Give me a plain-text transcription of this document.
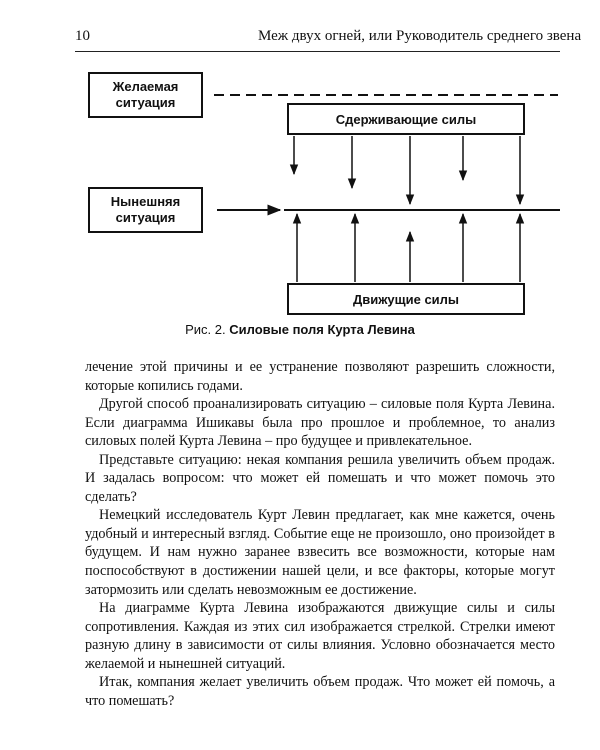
10	Меж двух огней, или Руководитель среднего звена
Желаемая
ситуация
Сдерживающие силы
Нынешняя
ситуация
Движущие силы
Рис. 2. Силовые поля Курта Левина

лечение этой причины и ее устранение позволяют разрешить сложности, которые копились годами.

Другой способ проанализировать ситуацию – силовые поля Курта Левина. Если диаграмма Ишикавы была про прошлое и проблемное, то анализ силовых полей Курта Левина – про будущее и привлекательное.

Представьте ситуацию: некая компания решила увеличить объем продаж. И задалась вопросом: что может ей помешать и что может помочь это сделать?

Немецкий исследователь Курт Левин предлагает, как мне кажется, очень удобный и интересный взгляд. Событие еще не произошло, оно произойдет в будущем. И нам нужно заранее взвесить все возможности, которые нам поспособствуют в достижении нашей цели, и все факторы, которые могут затормозить или сделать невозможным ее достижение.

На диаграмме Курта Левина изображаются движущие силы и силы сопротивления. Каждая из этих сил изображается стрелкой. Стрелки имеют разную длину в зависимости от силы влияния. Условно обозначается место желаемой и нынешней ситуаций.

Итак, компания желает увеличить объем продаж. Что может ей помочь, а что помешать?
